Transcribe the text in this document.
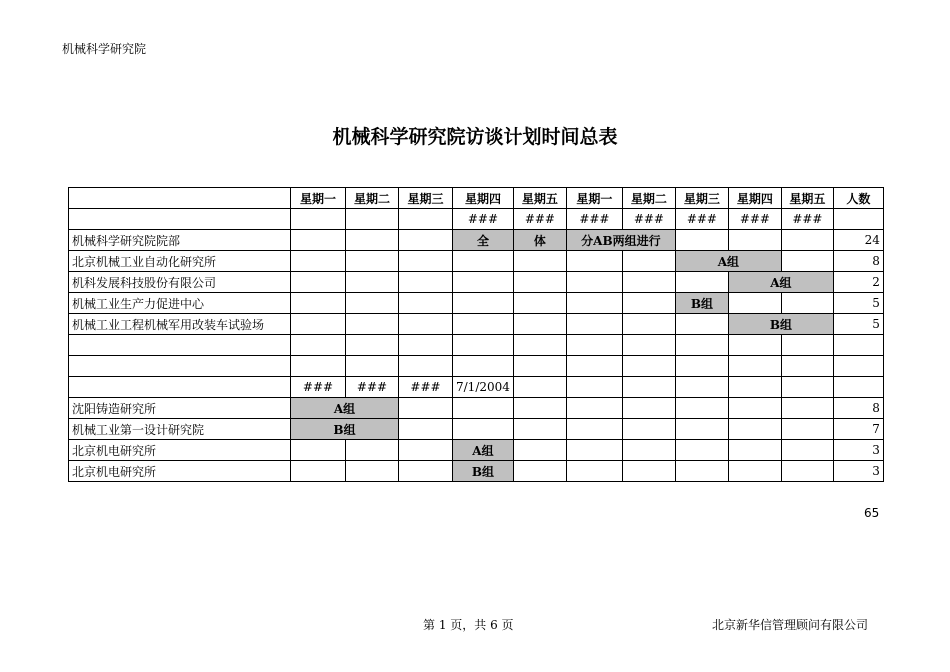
机械科学研究院
机械科学研究院访谈计划时间总表
	星期一	星期二	星期三	星期四	星期五	星期一	星期二	星期三	星期四	星期五	人数
				###	###	###	###	###	###	###	
机械科学研究院院部				全	体	分AB两组进行					24
北京机械工业自动化研究所								A组			8
机科发展科技股份有限公司									A组		2
机械工业生产力促进中心								B组			5
机械工业工程机械军用改装车试验场									B组		5

	###	###	###	7/1/2004							
沈阳铸造研究所	A组										8
机械工业第一设计研究院	B组										7
北京机电研究所				A组							3
北京机电研究所				B组							3
65
第 1 页，共 6 页	北京新华信管理顾问有限公司
